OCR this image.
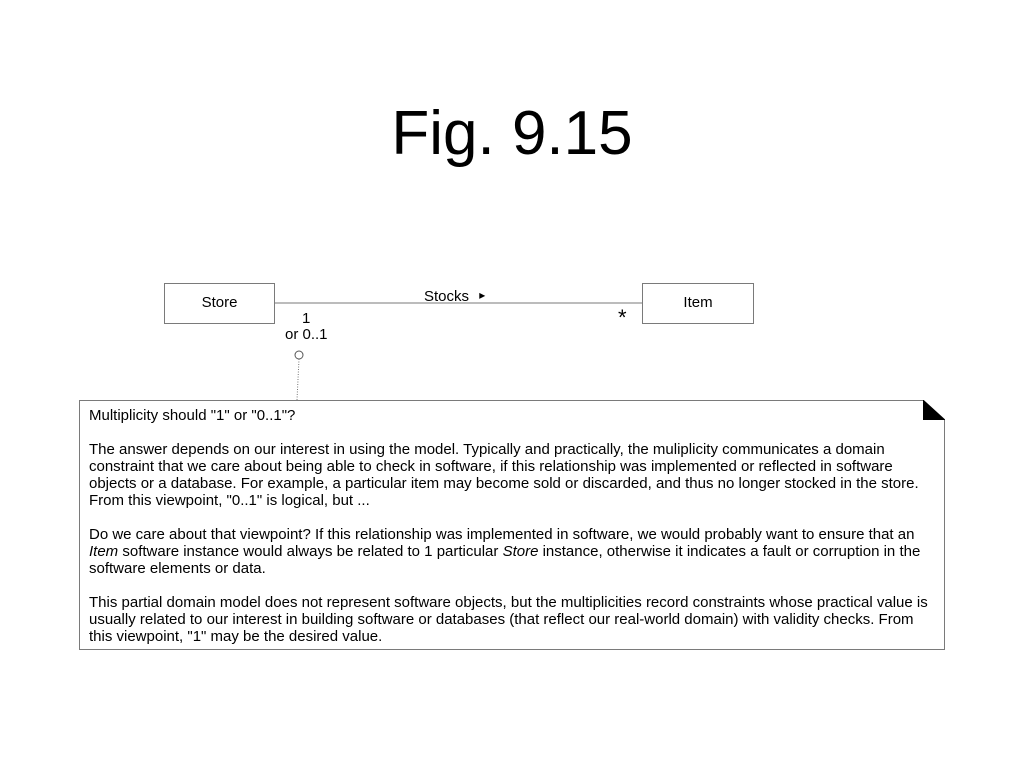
Fig. 9.15
Store	Item
Stocks ▸
1
or 0..1
*

Multiplicity should "1" or "0..1"?

The answer depends on our interest in using the model. Typically and practically, the muliplicity communicates a domain constraint that we care about being able to check in software, if this relationship was implemented or reflected in software objects or a database. For example, a particular item may become sold or discarded, and thus no longer stocked in the store. From this viewpoint, "0..1" is logical, but ...

Do we care about that viewpoint? If this relationship was implemented in software, we would probably want to ensure that an Item software instance would always be related to 1 particular Store instance, otherwise it indicates a fault or corruption in the software elements or data.

This partial domain model does not represent software objects, but the multiplicities record constraints whose practical value is usually related to our interest in building software or databases (that reflect our real-world domain) with validity checks. From this viewpoint, "1" may be the desired value.
